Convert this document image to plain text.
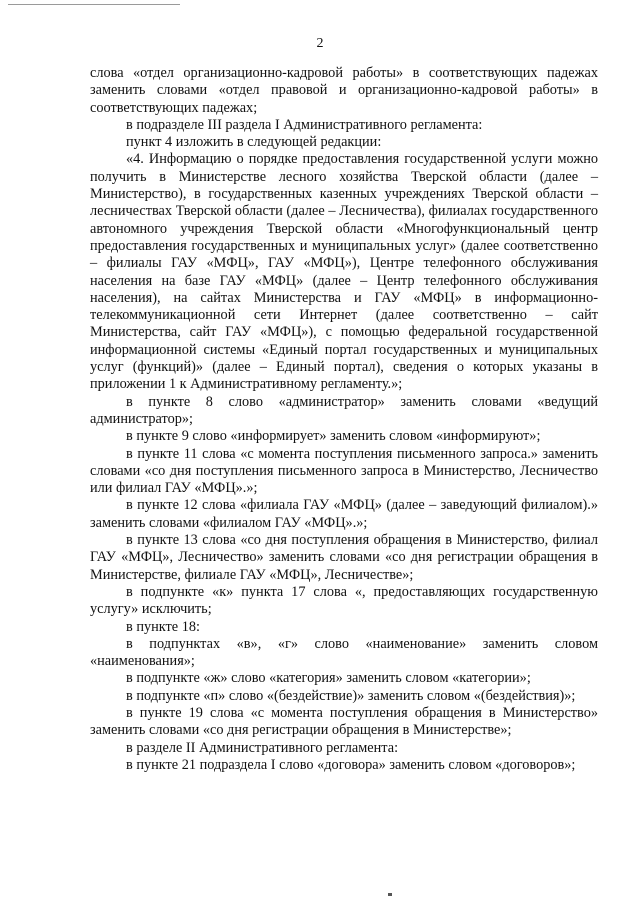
2

слова «отдел организационно-кадровой работы» в соответствующих падежах заменить словами «отдел правовой и организационно-кадровой работы» в соответствующих падежах;

в подразделе III раздела I Административного регламента:

пункт 4 изложить в следующей редакции:

«4. Информацию о порядке предоставления государственной услуги можно получить в Министерстве лесного хозяйства Тверской области (далее – Министерство), в государственных казенных учреждениях Тверской области – лесничествах Тверской области (далее – Лесничества), филиалах государственного автономного учреждения Тверской области «Многофункциональный центр предоставления государственных и муниципальных услуг» (далее соответственно – филиалы ГАУ «МФЦ», ГАУ «МФЦ»), Центре телефонного обслуживания населения на базе ГАУ «МФЦ» (далее – Центр телефонного обслуживания населения), на сайтах Министерства и ГАУ «МФЦ» в информационно-телекоммуникационной сети Интернет (далее соответственно – сайт Министерства, сайт ГАУ «МФЦ»), с помощью федеральной государственной информационной системы «Единый портал государственных и муниципальных услуг (функций)» (далее – Единый портал), сведения о которых указаны в приложении 1 к Административному регламенту.»;

в пункте 8 слово «администратор» заменить словами «ведущий администратор»;

в пункте 9 слово «информирует» заменить словом «информируют»;

в пункте 11 слова «с момента поступления письменного запроса.» заменить словами «со дня поступления письменного запроса в Министерство, Лесничество или филиал ГАУ «МФЦ».»;

в пункте 12 слова «филиала ГАУ «МФЦ» (далее – заведующий филиалом).» заменить словами «филиалом ГАУ «МФЦ».»;

в пункте 13 слова «со дня поступления обращения в Министерство, филиал ГАУ «МФЦ», Лесничество» заменить словами «со дня регистрации обращения в Министерстве, филиале ГАУ «МФЦ», Лесничестве»;

в подпункте «к» пункта 17 слова «, предоставляющих государственную услугу» исключить;

в пункте 18:

в подпунктах «в», «г» слово «наименование» заменить словом «наименования»;

в подпункте «ж» слово «категория» заменить словом «категории»;

в подпункте «п» слово «(бездействие)» заменить словом «(бездействия)»;

в пункте 19 слова «с момента поступления обращения в Министерство» заменить словами «со дня регистрации обращения в Министерстве»;

в разделе II Административного регламента:

в пункте 21 подраздела I слово «договора» заменить словом «договоров»;
